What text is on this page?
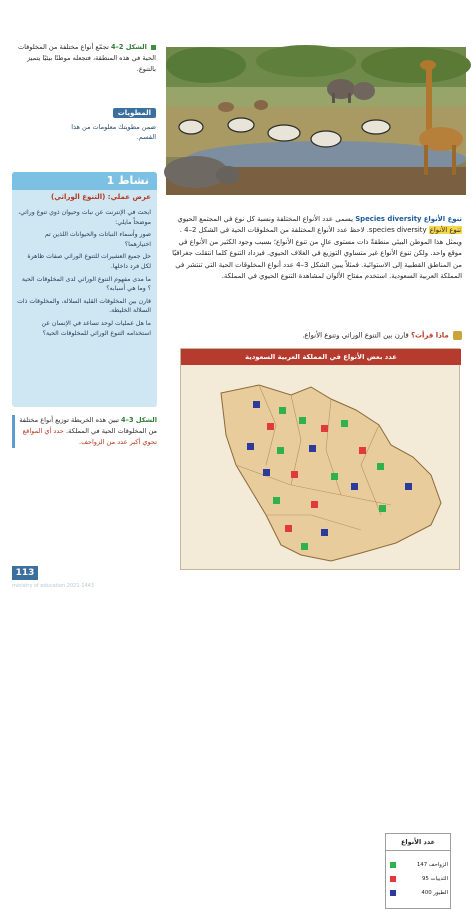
الشكل 2–4 تجمّع أنواع مختلفة من المخلوقات الحية في هذه المنطقة، فتجعله موطنًا بيئيًا يتميز بالتنوع.
المطويات
ضمن مطويتك معلومات من هذا القسم.
نشاط 1
عرض عملي: (التنوع الوراثي)

ابحث في الإنترنت عن نبات وحيوان ذوي تنوع وراثي، موضحاً مايلي:

صور وأسماء النباتات والحيوانات اللذين تم اختيارهما؟

حل جميع العشيرات للتنوع الوراثي صفات ظاهرة لكل فرد داخلها.

ما مدى مفهوم التنوع الوراثي لدى المخلوقات الحية ؟ وما هي أسبابه؟

قارن بين المخلوقات القلية السلالة، والمخلوقات ذات السلالة الخليطة.

ما هل عمليات لوحد تساعد في الإنسان عن استخدامه التنوع الوراثي للمخلوقات الحية؟

الشكل 3–4 تبين هذه الخريطة توزيع أنواع مختلفة من المخلوقات الحية في المملكة. حدد أي المواقع تحوي أكبر عدد من الزواحف.
113
ministry of education 2021-1443
تنوع الأنواع Species diversity يسمى عدد الأنواع المختلفة ونسبة كل نوع في المجتمع الحيوي تنوع الأنواع species diversity. لاحظ عدد الأنواع المختلفة من المخلوقات الحية في الشكل 2–4 . ويمثل هذا الموطن البيئي منطقةً ذات مستوى عالٍ من تنوع الأنواع؛ بسبب وجود الكثير من الأنواع في موقع واحد. ولكن تنوع الأنواع غير متساوي التوزيع في الغلاف الحيوي. فيزداد التنوع كلما انتقلت جغرافيًا من المناطق القطبية إلى الاستوائية. فمثلاً يبين الشكل 3–4 عدد أنواع المخلوقات الحية التي تنتشر في المملكة العربية السعودية. استخدم مفتاح الألوان لمشاهدة التنوع الحيوي في المملكة.
ماذا قرأت؟ قارن بين التنوع الوراثي وتنوع الأنواع.
عدد بعض الأنواع في المملكة العربية السعودية
عدد الأنواع
الزواحف 147
الثدييات 95
الطيور 400
